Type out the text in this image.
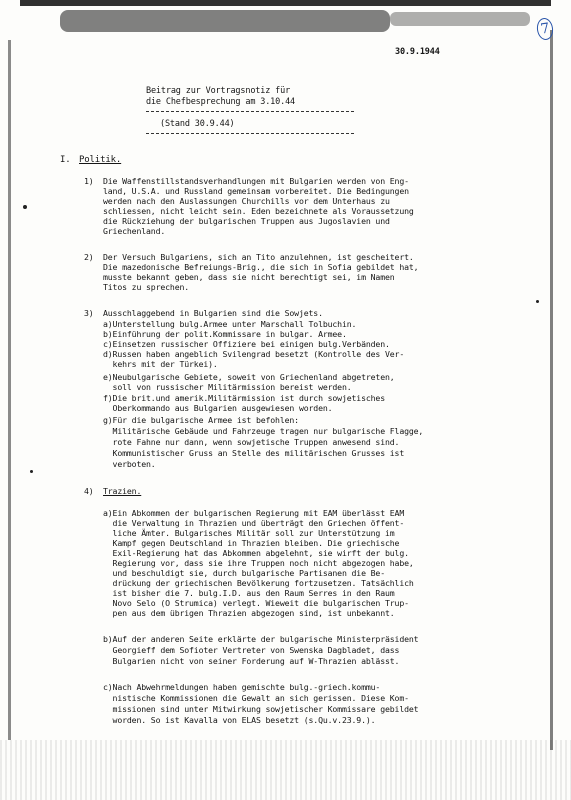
30.9.1944
7
Beitrag zur Vortragsnotiz für
die Chefbesprechung am 3.10.44
(Stand 30.9.44)
I. Politik.
1) Die Waffenstillstandsverhandlungen mit Bulgarien werden von Eng-
land, U.S.A. und Russland gemeinsam vorbereitet. Die Bedingungen
werden nach den Auslassungen Churchills vor dem Unterhaus zu
schliessen, nicht leicht sein. Eden bezeichnete als Voraussetzung
die Rückziehung der bulgarischen Truppen aus Jugoslavien und
Griechenland.
2) Der Versuch Bulgariens, sich an Tito anzulehnen, ist gescheitert.
Die mazedonische Befreiungs-Brig., die sich in Sofia gebildet hat,
musste bekannt geben, dass sie nicht berechtigt sei, im Namen
Titos zu sprechen.
3) Ausschlaggebend in Bulgarien sind die Sowjets.
a)Unterstellung bulg.Armee unter Marschall Tolbuchin.
b)Einführung der polit.Kommissare in bulgar. Armee.
c)Einsetzen russischer Offiziere bei einigen bulg.Verbänden.
d)Russen haben angeblich Svilengrad besetzt (Kontrolle des Ver-
kehrs mit der Türkei).
e)Neubulgarische Gebiete, soweit von Griechenland abgetreten,
soll von russischer Militärmission bereist werden.
f)Die brit.und amerik.Militärmission ist durch sowjetisches
Oberkommando aus Bulgarien ausgewiesen worden.
g)Für die bulgarische Armee ist befohlen:
Militärische Gebäude und Fahrzeuge tragen nur bulgarische Flagge,
rote Fahne nur dann, wenn sowjetische Truppen anwesend sind.
Kommunistischer Gruss an Stelle des militärischen Grusses ist
verboten.
4) Trazien.
a)Ein Abkommen der bulgarischen Regierung mit EAM überlässt EAM
die Verwaltung in Thrazien und überträgt den Griechen öffent-
liche Ämter. Bulgarisches Militär soll zur Unterstützung im
Kampf gegen Deutschland in Thrazien bleiben. Die griechische
Exil-Regierung hat das Abkommen abgelehnt, sie wirft der bulg.
Regierung vor, dass sie ihre Truppen noch nicht abgezogen habe,
und beschuldigt sie, durch bulgarische Partisanen die Be-
drückung der griechischen Bevölkerung fortzusetzen. Tatsächlich
ist bisher die 7. bulg.I.D. aus den Raum Serres in den Raum
Novo Selo (O Strumica) verlegt. Wieweit die bulgarischen Trup-
pen aus dem übrigen Thrazien abgezogen sind, ist unbekannt.
b)Auf der anderen Seite erklärte der bulgarische Ministerpräsident
Georgieff dem Sofioter Vertreter von Swenska Dagbladet, dass
Bulgarien nicht von seiner Forderung auf W-Thrazien ablässt.
c)Nach Abwehrmeldungen haben gemischte bulg.-griech.kommu-
nistische Kommissionen die Gewalt an sich gerissen. Diese Kom-
missionen sind unter Mitwirkung sowjetischer Kommissare gebildet
worden. So ist Kavalla von ELAS besetzt (s.Qu.v.23.9.).
